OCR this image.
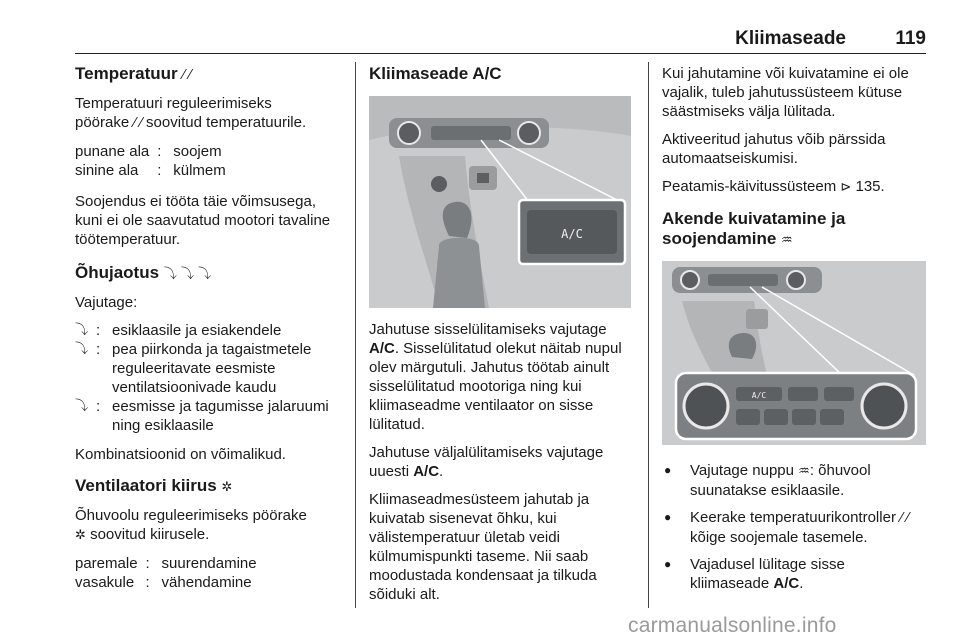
Kliimaseade	119
Temperatuur ⁄ ⁄

Temperatuuri reguleerimiseks
pöörake ⁄ ⁄ soovitud temperatuurile.

punane ala : soojem
sinine ala	: külmem

Soojendus ei tööta täie võimsusega, kuni ei ole saavutatud mootori tavaline töötemperatuur.

Õhujaotus ⤵ ⤵ ⤵

Vajutage:

⤵ : esiklaasile ja esiakendele
⤵ : pea piirkonda ja tagaistmetele reguleeritavate eesmiste ventilatsioonivade kaudu
⤵ : eesmisse ja tagumisse jalaruumi ning esiklaasile

Kombinatsioonid on võimalikud.

Ventilaatori kiirus ✲

Õhuvoolu reguleerimiseks pöörake
✲ soovitud kiirusele.

paremale : suurendamine
vasakule : vähendamine
Kliimaseade A/C
A/C

Jahutuse sisselülitamiseks vajutage A/C. Sisselülitatud olekut näitab nupul olev märgutuli. Jahutus töötab ainult sisselülitatud mootoriga ning kui kliimaseadme ventilaator on sisse lülitatud.

Jahutuse väljalülitamiseks vajutage uuesti A/C.

Kliimaseadmesüsteem jahutab ja kuivatab sisenevat õhku, kui välistemperatuur ületab veidi külmumispunkti taseme. Nii saab moodustada kondensaat ja tilkuda sõiduki alt.

Kui jahutamine või kuivatamine ei ole vajalik, tuleb jahutussüsteem kütuse säästmiseks välja lülitada.

Aktiveeritud jahutus võib pärssida automaatseiskumisi.

Peatamis-käivitussüsteem ⊳ 135.

Akende kuivatamine ja
soojendamine ♒
A/C
● Vajutage nuppu ♒: õhuvool suunatakse esiklaasile.
● Keerake temperatuurikontroller ⁄ ⁄ kõige soojemale tasemele.
● Vajadusel lülitage sisse kliimaseade A/C.
carmanualsonline.info
